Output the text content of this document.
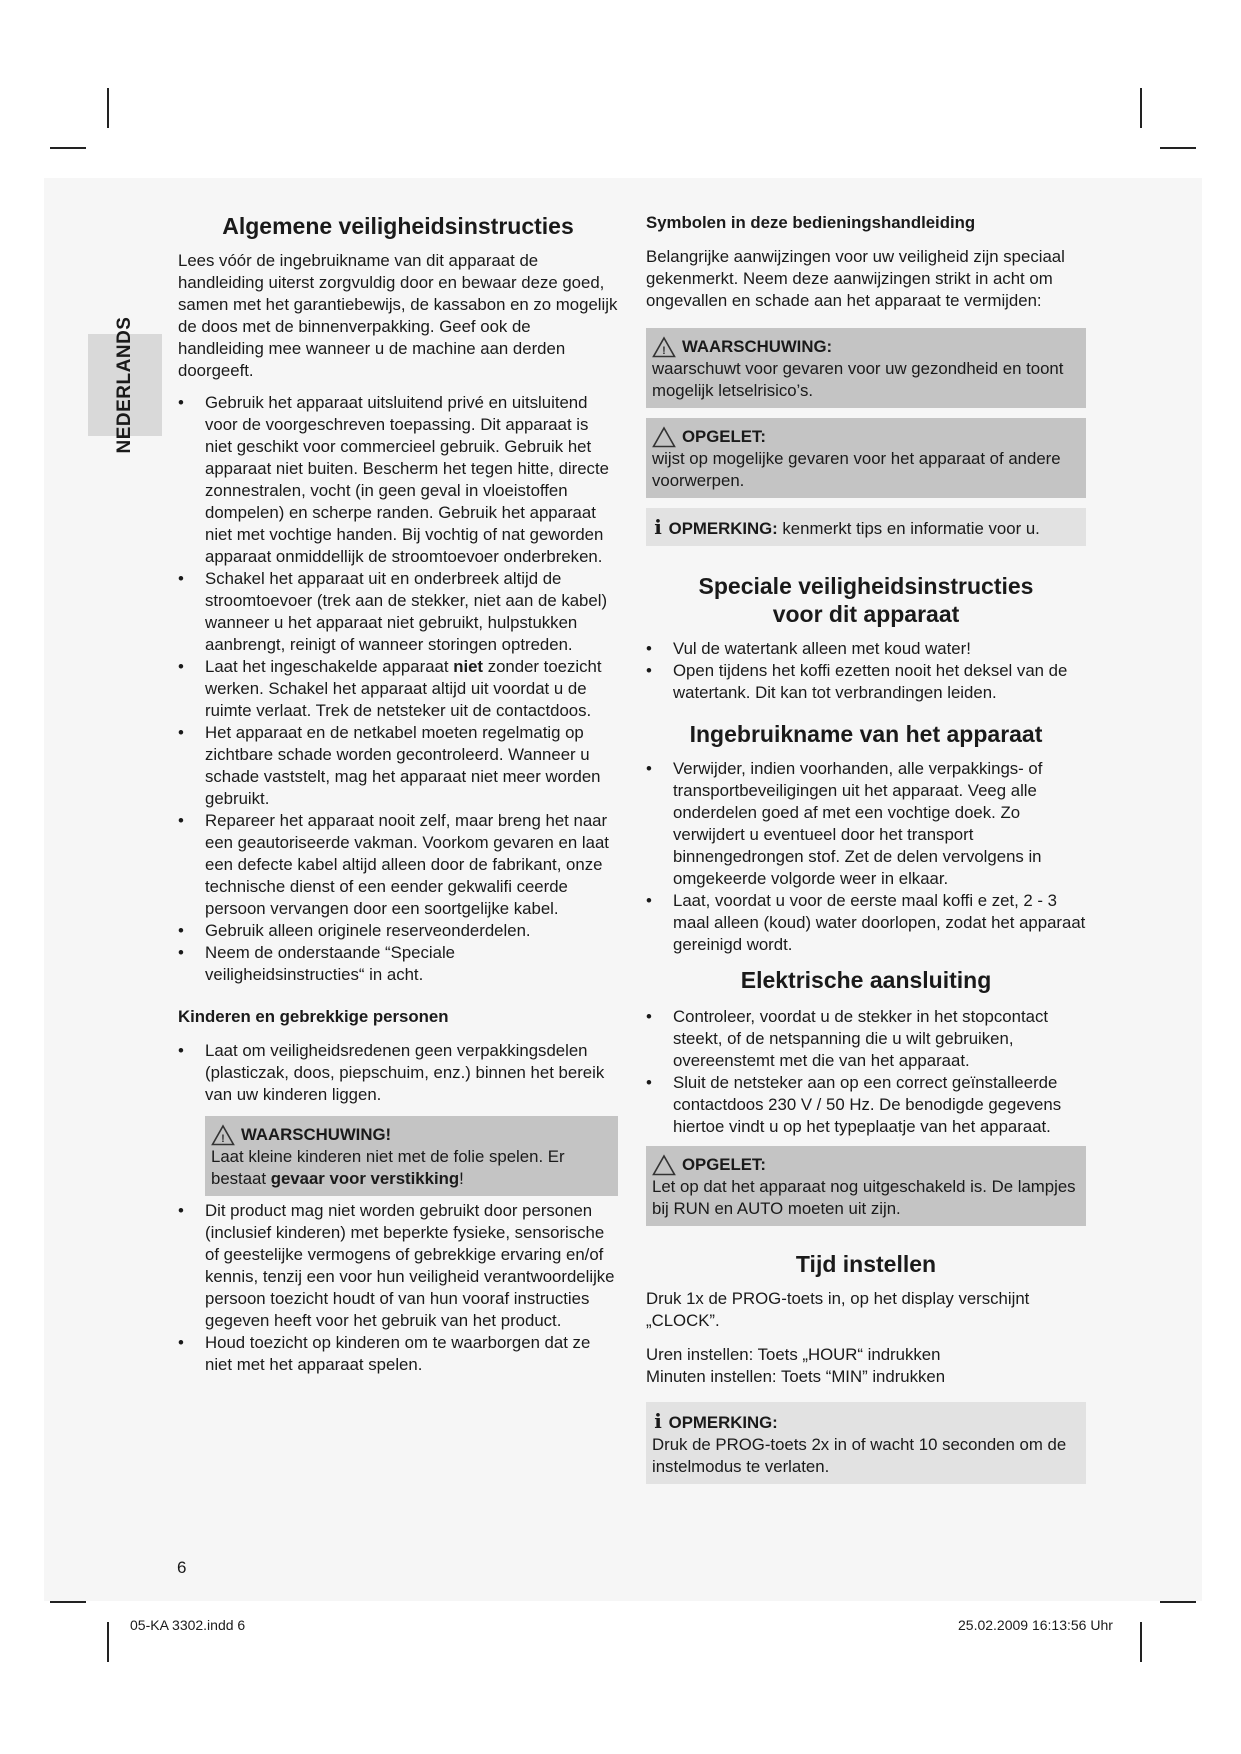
NEDERLANDS
Algemene veiligheidsinstructies

Lees vóór de ingebruikname van dit apparaat de handleiding uiterst zorgvuldig door en bewaar deze goed, samen met het garantiebewijs, de kassabon en zo mogelijk de doos met de binnenverpakking. Geef ook de handleiding mee wanneer u de machine aan derden doorgeeft.

• Gebruik het apparaat uitsluitend privé en uitsluitend voor de voorgeschreven toepassing. Dit apparaat is niet geschikt voor commercieel gebruik. Gebruik het apparaat niet buiten. Bescherm het tegen hitte, directe zonnestralen, vocht (in geen geval in vloeistoffen dompelen) en scherpe randen. Gebruik het apparaat niet met vochtige handen. Bij vochtig of nat geworden apparaat onmiddellijk de stroomtoevoer onderbreken.
• Schakel het apparaat uit en onderbreek altijd de stroomtoevoer (trek aan de stekker, niet aan de kabel) wanneer u het apparaat niet gebruikt, hulpstukken aanbrengt, reinigt of wanneer storingen optreden.
• Laat het ingeschakelde apparaat niet zonder toezicht werken. Schakel het apparaat altijd uit voordat u de ruimte verlaat. Trek de netsteker uit de contactdoos.
• Het apparaat en de netkabel moeten regelmatig op zichtbare schade worden gecontroleerd. Wanneer u schade vaststelt, mag het apparaat niet meer worden gebruikt.
• Repareer het apparaat nooit zelf, maar breng het naar een geautoriseerde vakman. Voorkom gevaren en laat een defecte kabel altijd alleen door de fabrikant, onze technische dienst of een eender gekwalifi ceerde persoon vervangen door een soortgelijke kabel.
• Gebruik alleen originele reserveonderdelen.
• Neem de onderstaande “Speciale veiligheidsinstructies“ in acht.
Kinderen en gebrekkige personen
• Laat om veiligheidsredenen geen verpakkingsdelen (plasticzak, doos, piepschuim, enz.) binnen het bereik van uw kinderen liggen.
! WAARSCHUWING!
Laat kleine kinderen niet met de folie spelen. Er bestaat gevaar voor verstikking!
• Dit product mag niet worden gebruikt door personen (inclusief kinderen) met beperkte fysieke, sensorische of geestelijke vermogens of gebrekkige ervaring en/of kennis, tenzij een voor hun veiligheid verantwoordelijke persoon toezicht houdt of van hun vooraf instructies gegeven heeft voor het gebruik van het product.
• Houd toezicht op kinderen om te waarborgen dat ze niet met het apparaat spelen.
Symbolen in deze bedieningshandleiding

Belangrijke aanwijzingen voor uw veiligheid zijn speciaal gekenmerkt. Neem deze aanwijzingen strikt in acht om ongevallen en schade aan het apparaat te vermijden:

! WAARSCHUWING:
waarschuwt voor gevaren voor uw gezondheid en toont mogelijk letselrisico’s.
OPGELET:
wijst op mogelijke gevaren voor het apparaat of andere voorwerpen.
i OPMERKING: kenmerkt tips en informatie voor u.
Speciale veiligheidsinstructies
voor dit apparaat
• Vul de watertank alleen met koud water!
• Open tijdens het koffi ezetten nooit het deksel van de watertank. Dit kan tot verbrandingen leiden.
Ingebruikname van het apparaat
• Verwijder, indien voorhanden, alle verpakkings- of transportbeveiligingen uit het apparaat. Veeg alle onderdelen goed af met een vochtige doek. Zo verwijdert u eventueel door het transport binnengedrongen stof. Zet de delen vervolgens in omgekeerde volgorde weer in elkaar.
• Laat, voordat u voor de eerste maal koffi e zet, 2 - 3 maal alleen (koud) water doorlopen, zodat het apparaat gereinigd wordt.
Elektrische aansluiting
• Controleer, voordat u de stekker in het stopcontact steekt, of de netspanning die u wilt gebruiken, overeenstemt met die van het apparaat.
• Sluit de netsteker aan op een correct geïnstalleerde contactdoos 230 V / 50 Hz. De benodigde gegevens hiertoe vindt u op het typeplaatje van het apparaat.
OPGELET:
Let op dat het apparaat nog uitgeschakeld is. De lampjes bij RUN en AUTO moeten uit zijn.
Tijd instellen

Druk 1x de PROG-toets in, op het display verschijnt „CLOCK”.

Uren instellen: Toets „HOUR“ indrukken

Minuten instellen: Toets “MIN” indrukken

i OPMERKING:
Druk de PROG-toets 2x in of wacht 10 seconden om de instelmodus te verlaten.
6
05-KA 3302.indd 6	25.02.2009 16:13:56 Uhr
